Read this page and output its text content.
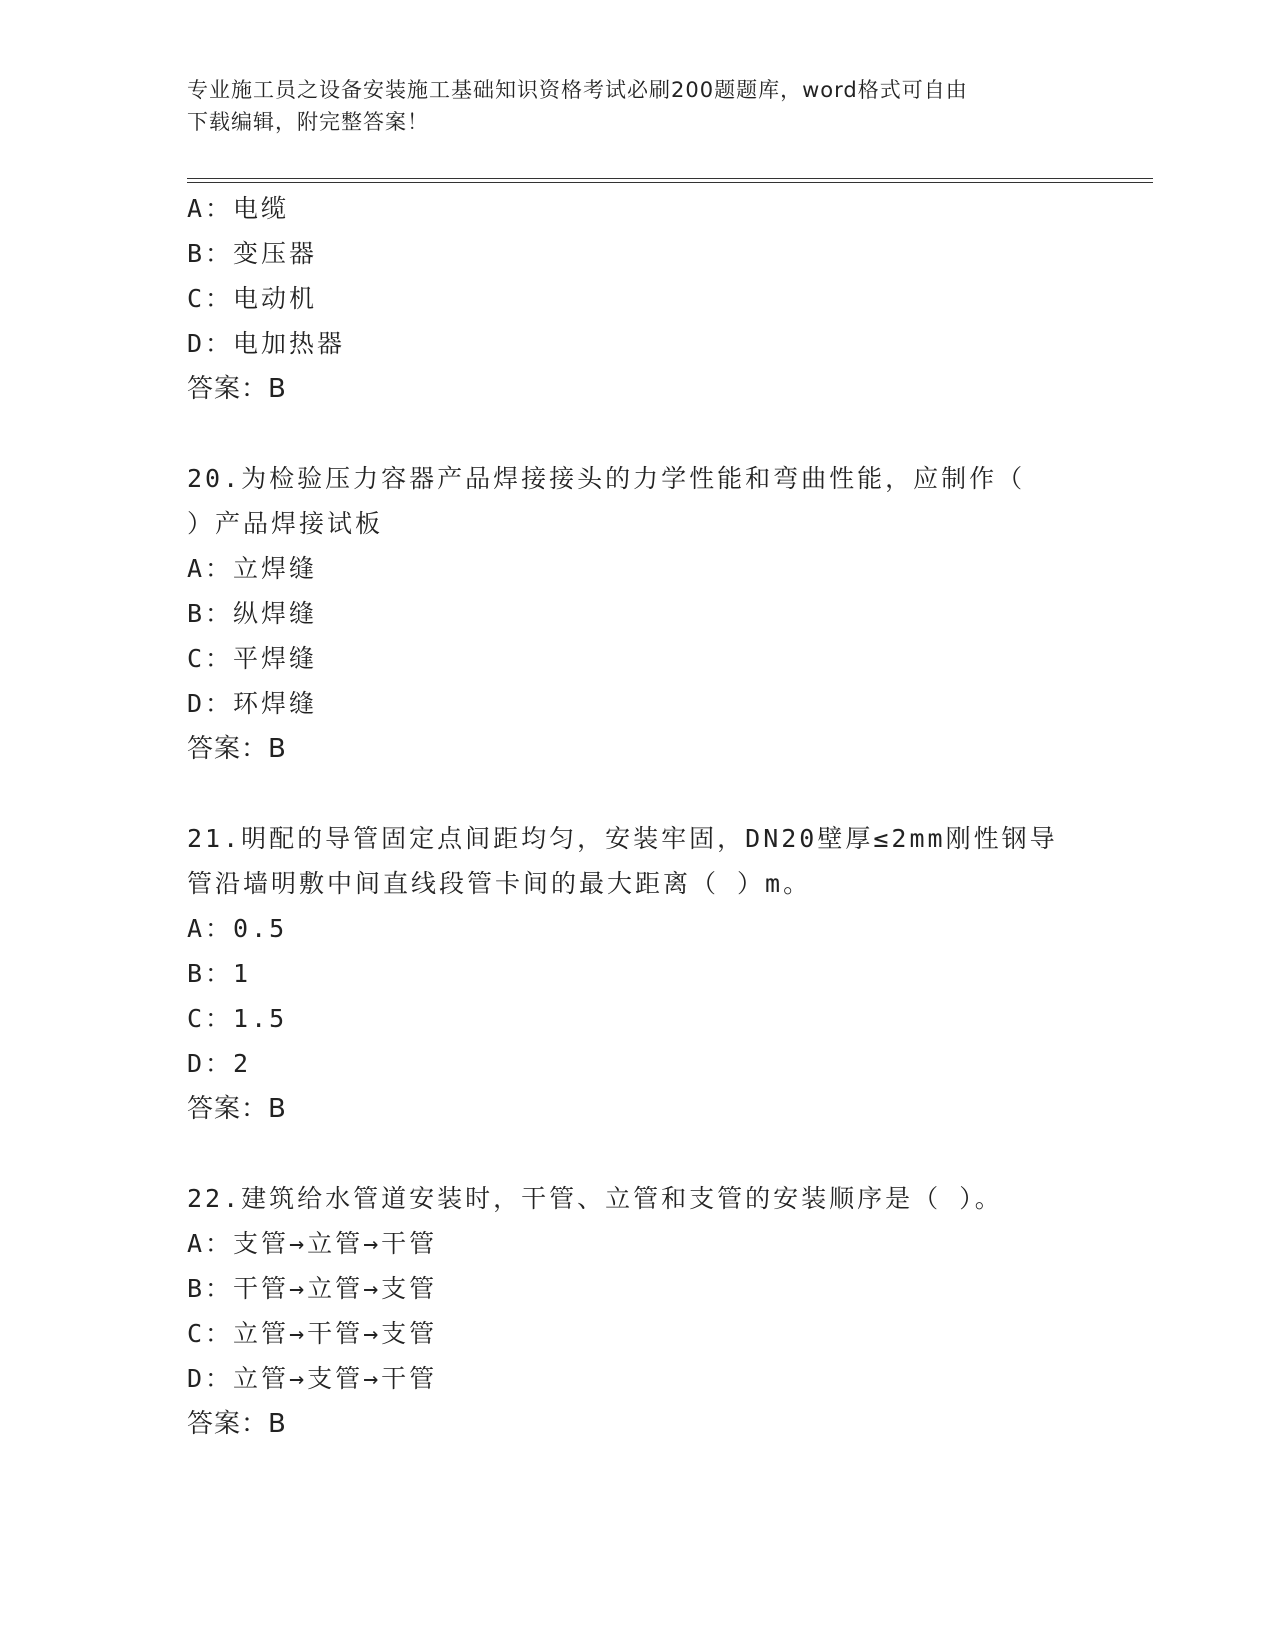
专业施工员之设备安装施工基础知识资格考试必刷200题题库，word格式可自由
下载编辑，附完整答案！
A：电缆
B：变压器
C：电动机
D：电加热器
答案：B
20.为检验压力容器产品焊接接头的力学性能和弯曲性能，应制作（
）产品焊接试板
A：立焊缝
B：纵焊缝
C：平焊缝
D：环焊缝
答案：B
21.明配的导管固定点间距均匀，安装牢固，DN20壁厚≤2mm刚性钢导
管沿墙明敷中间直线段管卡间的最大距离（ ）m。
A：0.5
B：1
C：1.5
D：2
答案：B
22.建筑给水管道安装时，干管、立管和支管的安装顺序是（ ）。
A：支管→立管→干管
B：干管→立管→支管
C：立管→干管→支管
D：立管→支管→干管
答案：B
